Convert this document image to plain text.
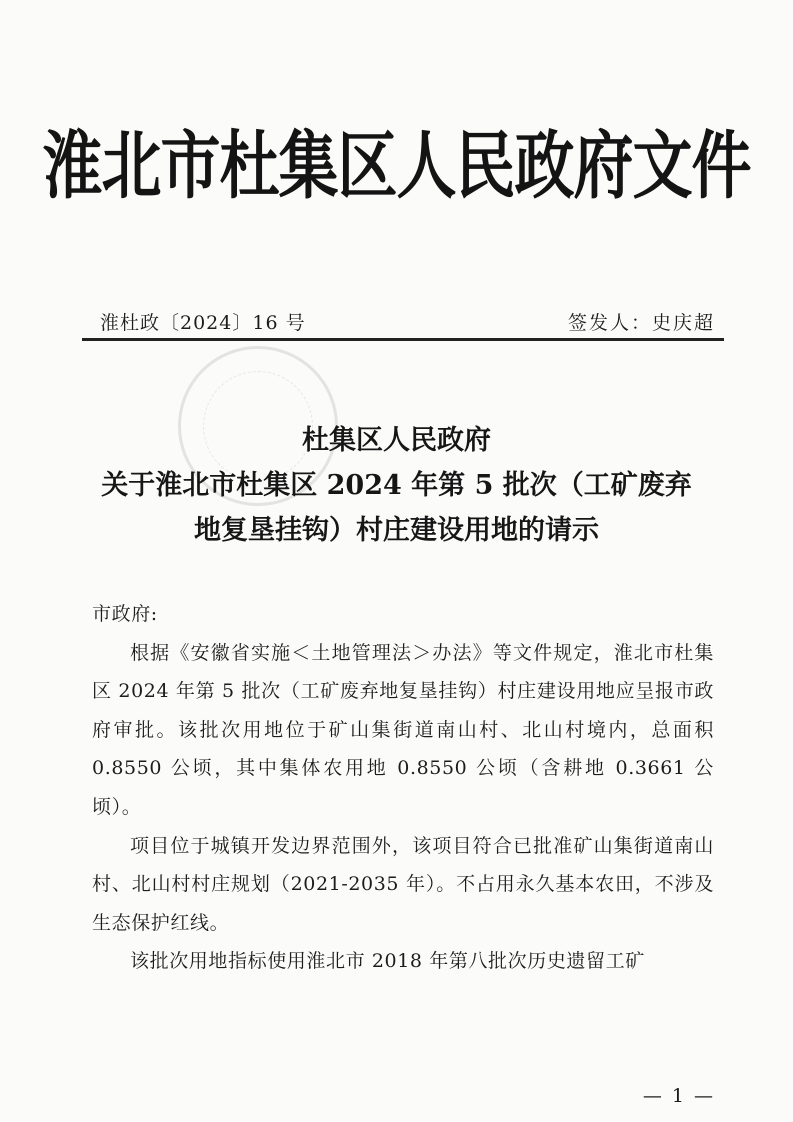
淮北市杜集区人民政府文件
淮杜政〔2024〕16 号	签发人：史庆超
杜集区人民政府
关于淮北市杜集区 2024 年第 5 批次（工矿废弃
地复垦挂钩）村庄建设用地的请示

市政府:

根据《安徽省实施＜土地管理法＞办法》等文件规定，淮北市杜集区 2024 年第 5 批次（工矿废弃地复垦挂钩）村庄建设用地应呈报市政府审批。该批次用地位于矿山集街道南山村、北山村境内，总面积 0.8550 公顷，其中集体农用地 0.8550 公顷（含耕地 0.3661 公顷）。

项目位于城镇开发边界范围外，该项目符合已批准矿山集街道南山村、北山村村庄规划（2021-2035 年）。不占用永久基本农田，不涉及生态保护红线。

该批次用地指标使用淮北市 2018 年第八批次历史遗留工矿

— 1 —
